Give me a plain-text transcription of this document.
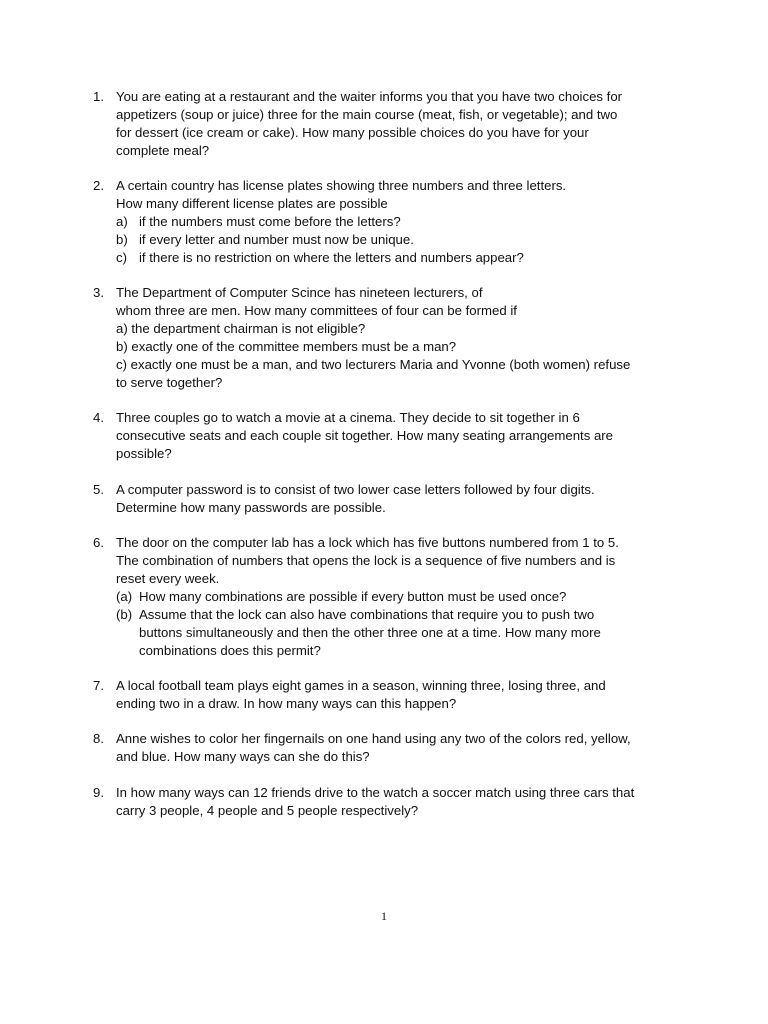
1. You are eating at a restaurant and the waiter informs you that you have two choices for
appetizers (soup or juice) three for the main course (meat, fish, or vegetable); and two
for dessert (ice cream or cake). How many possible choices do you have for your
complete meal?
2. A certain country has license plates showing three numbers and three letters.
How many different license plates are possible
a) if the numbers must come before the letters?
b) if every letter and number must now be unique.
c) if there is no restriction on where the letters and numbers appear?
3. The Department of Computer Scince has nineteen lecturers, of
whom three are men. How many committees of four can be formed if
a) the department chairman is not eligible?
b) exactly one of the committee members must be a man?
c) exactly one must be a man, and two lecturers Maria and Yvonne (both women) refuse
to serve together?
4. Three couples go to watch a movie at a cinema. They decide to sit together in 6
consecutive seats and each couple sit together. How many seating arrangements are
possible?
5. A computer password is to consist of two lower case letters followed by four digits.
Determine how many passwords are possible.
6. The door on the computer lab has a lock which has five buttons numbered from 1 to 5.
The combination of numbers that opens the lock is a sequence of five numbers and is
reset every week.
(a) How many combinations are possible if every button must be used once?
(b) Assume that the lock can also have combinations that require you to push two
buttons simultaneously and then the other three one at a time. How many more
combinations does this permit?
7. A local football team plays eight games in a season, winning three, losing three, and
ending two in a draw. In how many ways can this happen?
8. Anne wishes to color her fingernails on one hand using any two of the colors red, yellow,
and blue. How many ways can she do this?
9. In how many ways can 12 friends drive to the watch a soccer match using three cars that
carry 3 people, 4 people and 5 people respectively?
1
